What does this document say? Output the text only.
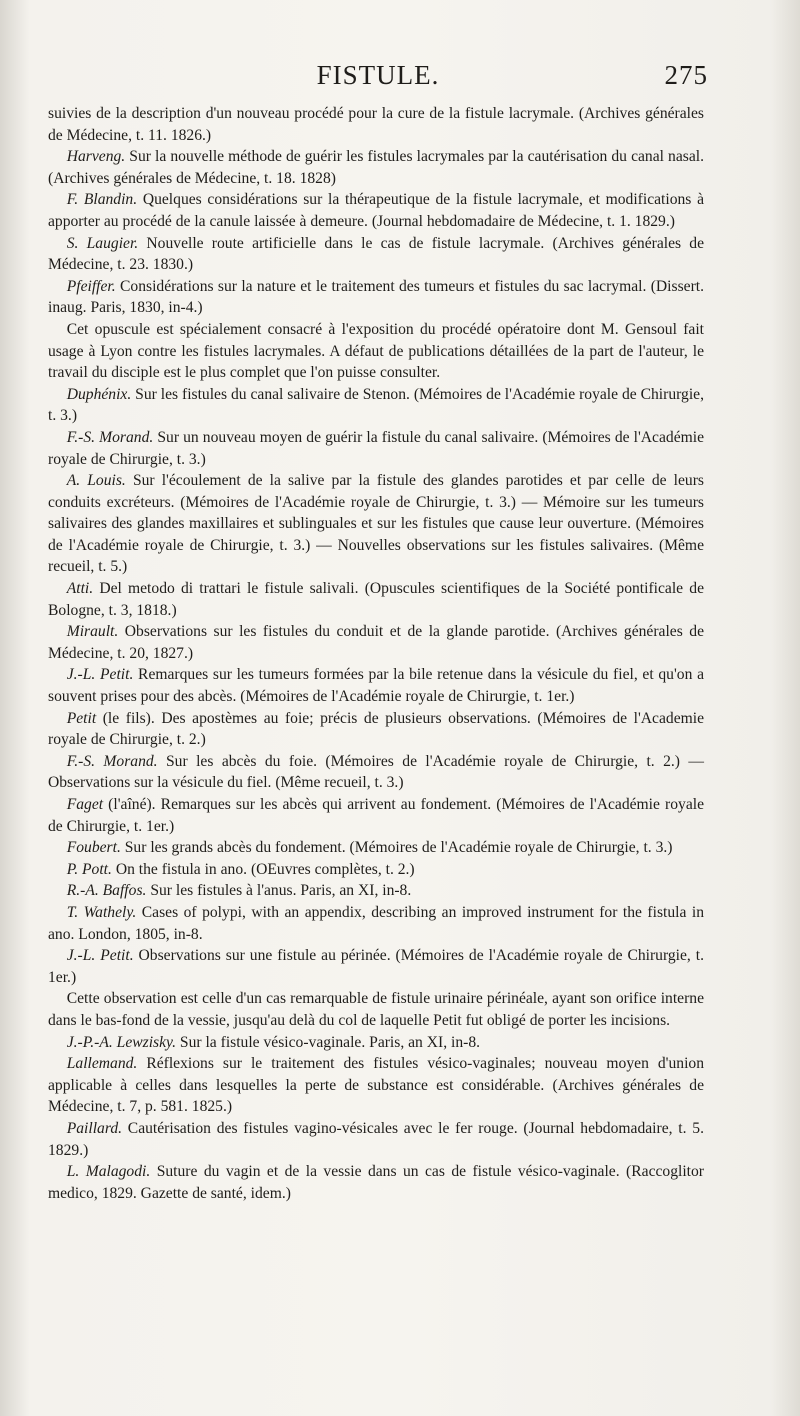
FISTULE.	275

suivies de la description d'un nouveau procédé pour la cure de la fistule lacrymale. (Archives générales de Médecine, t. 11. 1826.)

Harveng. Sur la nouvelle méthode de guérir les fistules lacrymales par la cautérisation du canal nasal. (Archives générales de Médecine, t. 18. 1828)

F. Blandin. Quelques considérations sur la thérapeutique de la fistule lacrymale, et modifications à apporter au procédé de la canule laissée à demeure. (Journal hebdomadaire de Médecine, t. 1. 1829.)

S. Laugier. Nouvelle route artificielle dans le cas de fistule lacrymale. (Archives générales de Médecine, t. 23. 1830.)

Pfeiffer. Considérations sur la nature et le traitement des tumeurs et fistules du sac lacrymal. (Dissert. inaug. Paris, 1830, in-4.)

Cet opuscule est spécialement consacré à l'exposition du procédé opératoire dont M. Gensoul fait usage à Lyon contre les fistules lacrymales. A défaut de publications détaillées de la part de l'auteur, le travail du disciple est le plus complet que l'on puisse consulter.

Duphénix. Sur les fistules du canal salivaire de Stenon. (Mémoires de l'Académie royale de Chirurgie, t. 3.)

F.-S. Morand. Sur un nouveau moyen de guérir la fistule du canal salivaire. (Mémoires de l'Académie royale de Chirurgie, t. 3.)

A. Louis. Sur l'écoulement de la salive par la fistule des glandes parotides et par celle de leurs conduits excréteurs. (Mémoires de l'Académie royale de Chirurgie, t. 3.) — Mémoire sur les tumeurs salivaires des glandes maxillaires et sublinguales et sur les fistules que cause leur ouverture. (Mémoires de l'Académie royale de Chirurgie, t. 3.) — Nouvelles observations sur les fistules salivaires. (Même recueil, t. 5.)

Atti. Del metodo di trattari le fistule salivali. (Opuscules scientifiques de la Société pontificale de Bologne, t. 3, 1818.)

Mirault. Observations sur les fistules du conduit et de la glande parotide. (Archives générales de Médecine, t. 20, 1827.)

J.-L. Petit. Remarques sur les tumeurs formées par la bile retenue dans la vésicule du fiel, et qu'on a souvent prises pour des abcès. (Mémoires de l'Académie royale de Chirurgie, t. 1er.)

Petit (le fils). Des apostèmes au foie; précis de plusieurs observations. (Mémoires de l'Academie royale de Chirurgie, t. 2.)

F.-S. Morand. Sur les abcès du foie. (Mémoires de l'Académie royale de Chirurgie, t. 2.) — Observations sur la vésicule du fiel. (Même recueil, t. 3.)

Faget (l'aîné). Remarques sur les abcès qui arrivent au fondement. (Mémoires de l'Académie royale de Chirurgie, t. 1er.)

Foubert. Sur les grands abcès du fondement. (Mémoires de l'Académie royale de Chirurgie, t. 3.)

P. Pott. On the fistula in ano. (OEuvres complètes, t. 2.)

R.-A. Baffos. Sur les fistules à l'anus. Paris, an XI, in-8.

T. Wathely. Cases of polypi, with an appendix, describing an improved instrument for the fistula in ano. London, 1805, in-8.

J.-L. Petit. Observations sur une fistule au périnée. (Mémoires de l'Académie royale de Chirurgie, t. 1er.)

Cette observation est celle d'un cas remarquable de fistule urinaire périnéale, ayant son orifice interne dans le bas-fond de la vessie, jusqu'au delà du col de laquelle Petit fut obligé de porter les incisions.

J.-P.-A. Lewzisky. Sur la fistule vésico-vaginale. Paris, an XI, in-8.

Lallemand. Réflexions sur le traitement des fistules vésico-vaginales; nouveau moyen d'union applicable à celles dans lesquelles la perte de substance est considérable. (Archives générales de Médecine, t. 7, p. 581. 1825.)

Paillard. Cautérisation des fistules vagino-vésicales avec le fer rouge. (Journal hebdomadaire, t. 5. 1829.)

L. Malagodi. Suture du vagin et de la vessie dans un cas de fistule vésico-vaginale. (Raccoglitor medico, 1829. Gazette de santé, idem.)
